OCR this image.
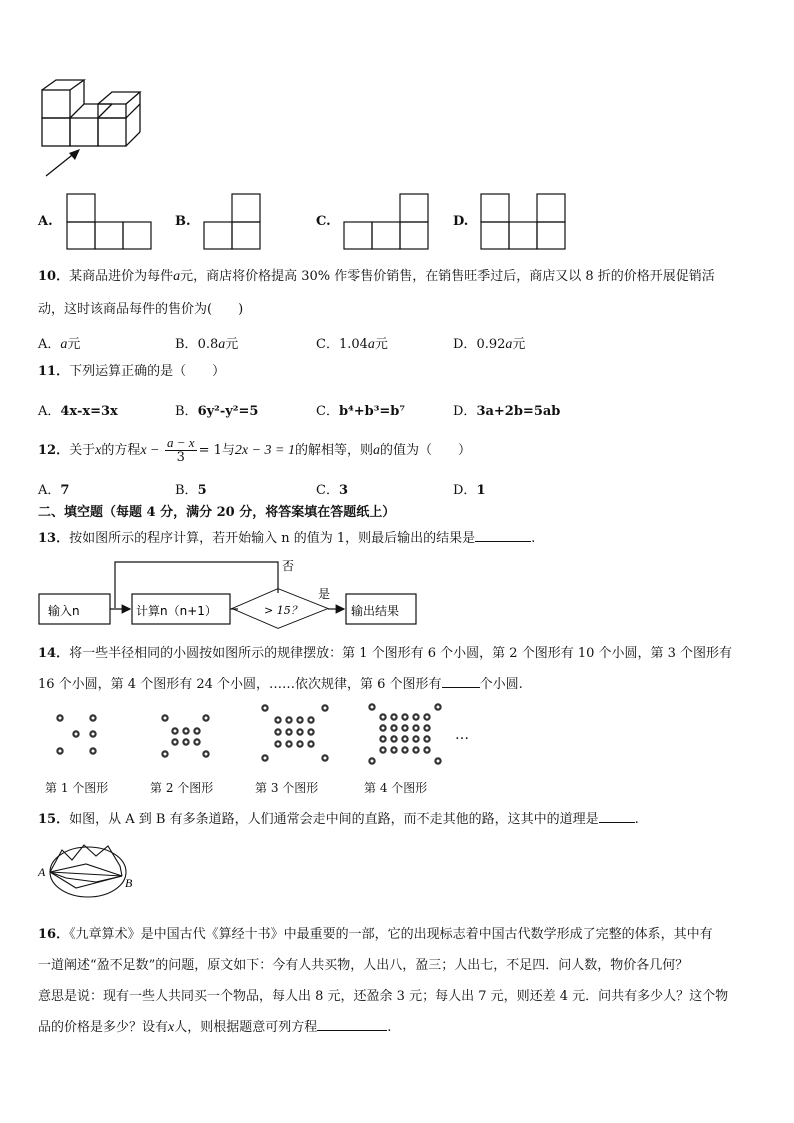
A.	B.	C.	D.
10．某商品进价为每件a元，商店将价格提高 30% 作零售价销售，在销售旺季过后，商店又以 8 折的价格开展促销活
动，这时该商品每件的售价为(　　)
A．a元	B．0.8a元	C．1.04a元	D．0.92a元
11．下列运算正确的是（　　）
A．4x-x=3x	B．6y²-y²=5	C．b⁴+b³=b⁷	D．3a+2b=5ab
12．关于x的方程$x - \frac{a - x}{3} = 1$与2x − 3 = 1的解相等，则a的值为（　　）
A．7	B．5	C．3	D．1
二、填空题（每题 4 分，满分 20 分，将答案填在答题纸上）
13．按如图所示的程序计算，若开始输入 n 的值为 1，则最后输出的结果是	.
输入n	计算n（n+1）	> 15？	输出结果
否
是
14．将一些半径相同的小圆按如图所示的规律摆放：第 1 个图形有 6 个小圆，第 2 个图形有 10 个小圆，第 3 个图形有
16 个小圆，第 4 个图形有 24 个小圆，……依次规律，第 6 个图形有	个小圆.
…
第 1 个图形	第 2 个图形	第 3 个图形	第 4 个图形
15．如图，从 A 到 B 有多条道路，人们通常会走中间的直路，而不走其他的路，这其中的道理是	.
A
B
16．《九章算术》是中国古代《算经十书》中最重要的一部，它的出现标志着中国古代数学形成了完整的体系，其中有
一道阐述“盈不足数”的问题，原文如下：今有人共买物，人出八，盈三；人出七，不足四．问人数，物价各几何？
意思是说：现有一些人共同买一个物品，每人出 8 元，还盈余 3 元；每人出 7 元，则还差 4 元．问共有多少人？这个物
品的价格是多少？设有x人，则根据题意可列方程	.
